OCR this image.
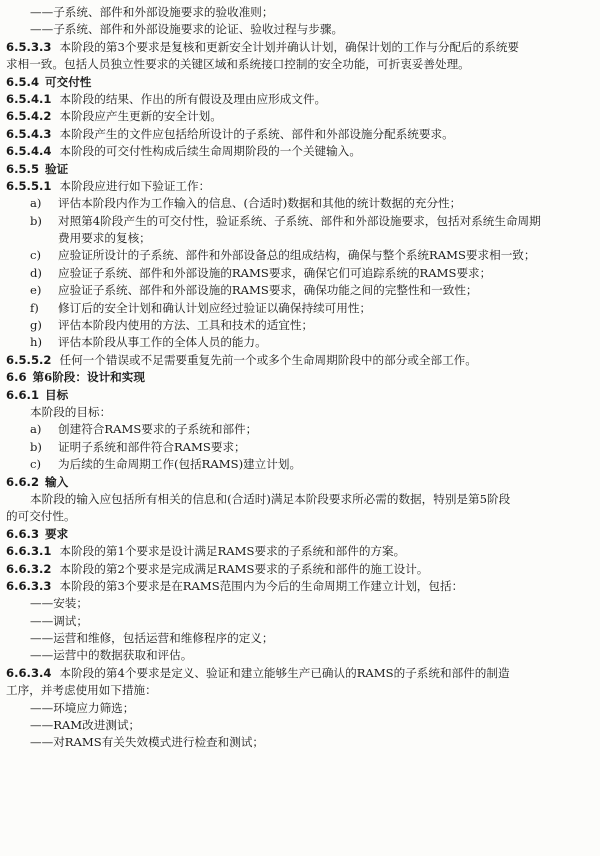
——子系统、部件和外部设施要求的验收准则；
——子系统、部件和外部设施要求的论证、验收过程与步骤。
6.5.3.3 本阶段的第3个要求是复核和更新安全计划并确认计划，确保计划的工作与分配后的系统要
求相一致。包括人员独立性要求的关键区域和系统接口控制的安全功能，可折衷妥善处理。
6.5.4 可交付性
6.5.4.1 本阶段的结果、作出的所有假设及理由应形成文件。
6.5.4.2 本阶段应产生更新的安全计划。
6.5.4.3 本阶段产生的文件应包括给所设计的子系统、部件和外部设施分配系统要求。
6.5.4.4 本阶段的可交付性构成后续生命周期阶段的一个关键输入。
6.5.5 验证
6.5.5.1 本阶段应进行如下验证工作：
a) 评估本阶段内作为工作输入的信息、(合适时)数据和其他的统计数据的充分性；
b) 对照第4阶段产生的可交付性，验证系统、子系统、部件和外部设施要求，包括对系统生命周期
费用要求的复核；
c) 应验证所设计的子系统、部件和外部设备总的组成结构，确保与整个系统RAMS要求相一致；
d) 应验证子系统、部件和外部设施的RAMS要求，确保它们可追踪系统的RAMS要求；
e) 应验证子系统、部件和外部设施的RAMS要求，确保功能之间的完整性和一致性；
f) 修订后的安全计划和确认计划应经过验证以确保持续可用性；
g) 评估本阶段内使用的方法、工具和技术的适宜性；
h) 评估本阶段从事工作的全体人员的能力。
6.5.5.2 任何一个错误或不足需要重复先前一个或多个生命周期阶段中的部分或全部工作。
6.6 第6阶段：设计和实现
6.6.1 目标
本阶段的目标：
a) 创建符合RAMS要求的子系统和部件；
b) 证明子系统和部件符合RAMS要求；
c) 为后续的生命周期工作(包括RAMS)建立计划。
6.6.2 输入
本阶段的输入应包括所有相关的信息和(合适时)满足本阶段要求所必需的数据，特别是第5阶段
的可交付性。
6.6.3 要求
6.6.3.1 本阶段的第1个要求是设计满足RAMS要求的子系统和部件的方案。
6.6.3.2 本阶段的第2个要求是完成满足RAMS要求的子系统和部件的施工设计。
6.6.3.3 本阶段的第3个要求是在RAMS范围内为今后的生命周期工作建立计划，包括：
——安装；
——调试；
——运营和维修，包括运营和维修程序的定义；
——运营中的数据获取和评估。
6.6.3.4 本阶段的第4个要求是定义、验证和建立能够生产已确认的RAMS的子系统和部件的制造
工序，并考虑使用如下措施：
——环境应力筛选；
——RAM改进测试；
——对RAMS有关失效模式进行检查和测试；
